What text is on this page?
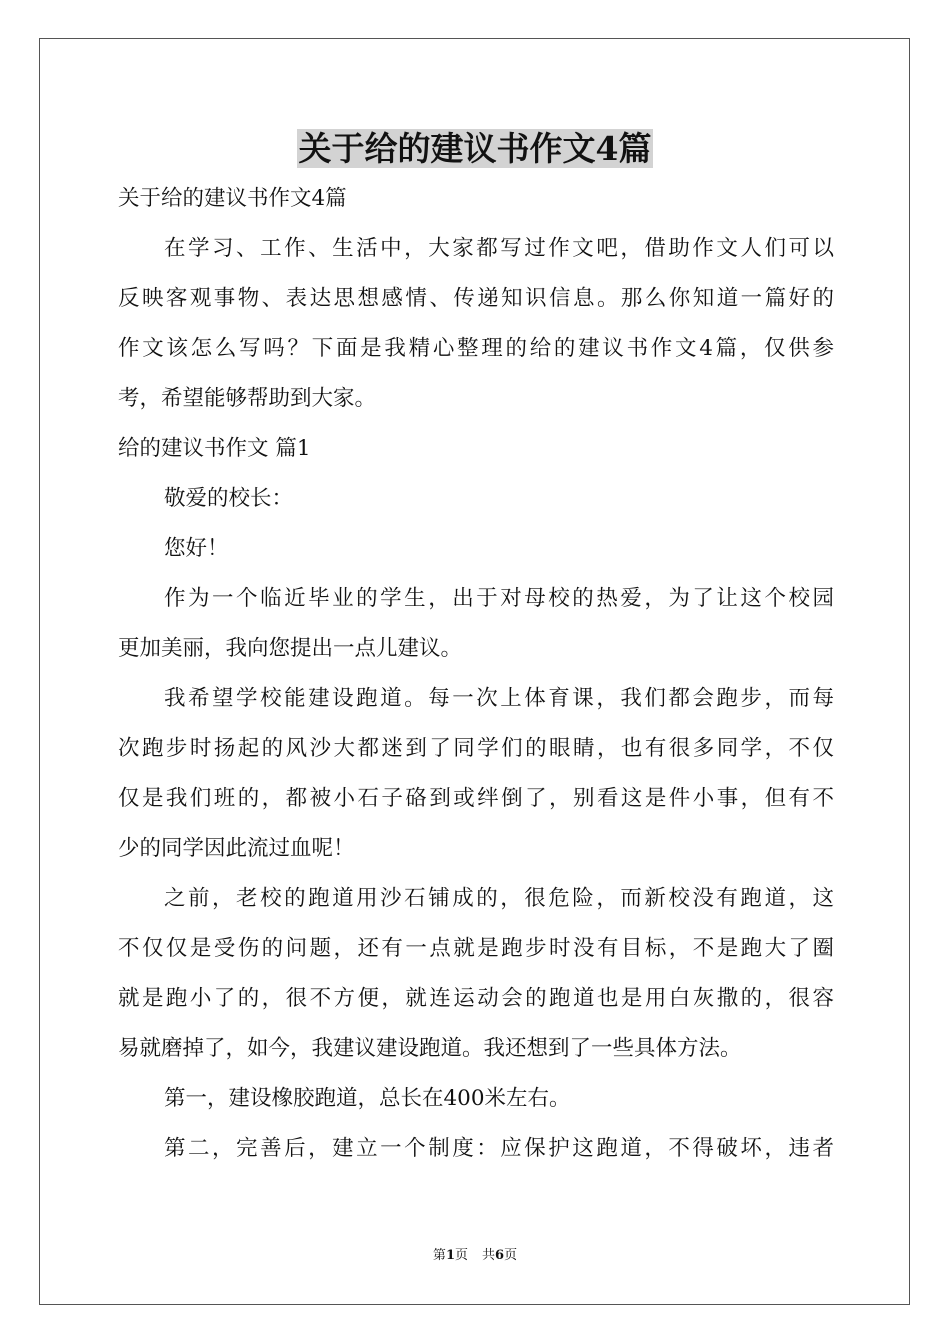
关于给的建议书作文4篇
关于给的建议书作文4篇
在学习、工作、生活中，大家都写过作文吧，借助作文人们可以
反映客观事物、表达思想感情、传递知识信息。那么你知道一篇好的
作文该怎么写吗？下面是我精心整理的给的建议书作文4篇，仅供参
考，希望能够帮助到大家。
给的建议书作文 篇1
敬爱的校长：
您好！
作为一个临近毕业的学生，出于对母校的热爱，为了让这个校园
更加美丽，我向您提出一点儿建议。
我希望学校能建设跑道。每一次上体育课，我们都会跑步，而每
次跑步时扬起的风沙大都迷到了同学们的眼睛，也有很多同学，不仅
仅是我们班的，都被小石子硌到或绊倒了，别看这是件小事，但有不
少的同学因此流过血呢！
之前，老校的跑道用沙石铺成的，很危险，而新校没有跑道，这
不仅仅是受伤的问题，还有一点就是跑步时没有目标，不是跑大了圈
就是跑小了的，很不方便，就连运动会的跑道也是用白灰撒的，很容
易就磨掉了，如今，我建议建设跑道。我还想到了一些具体方法。
第一，建设橡胶跑道，总长在400米左右。
第二，完善后，建立一个制度：应保护这跑道，不得破坏，违者
第1页 共6页
